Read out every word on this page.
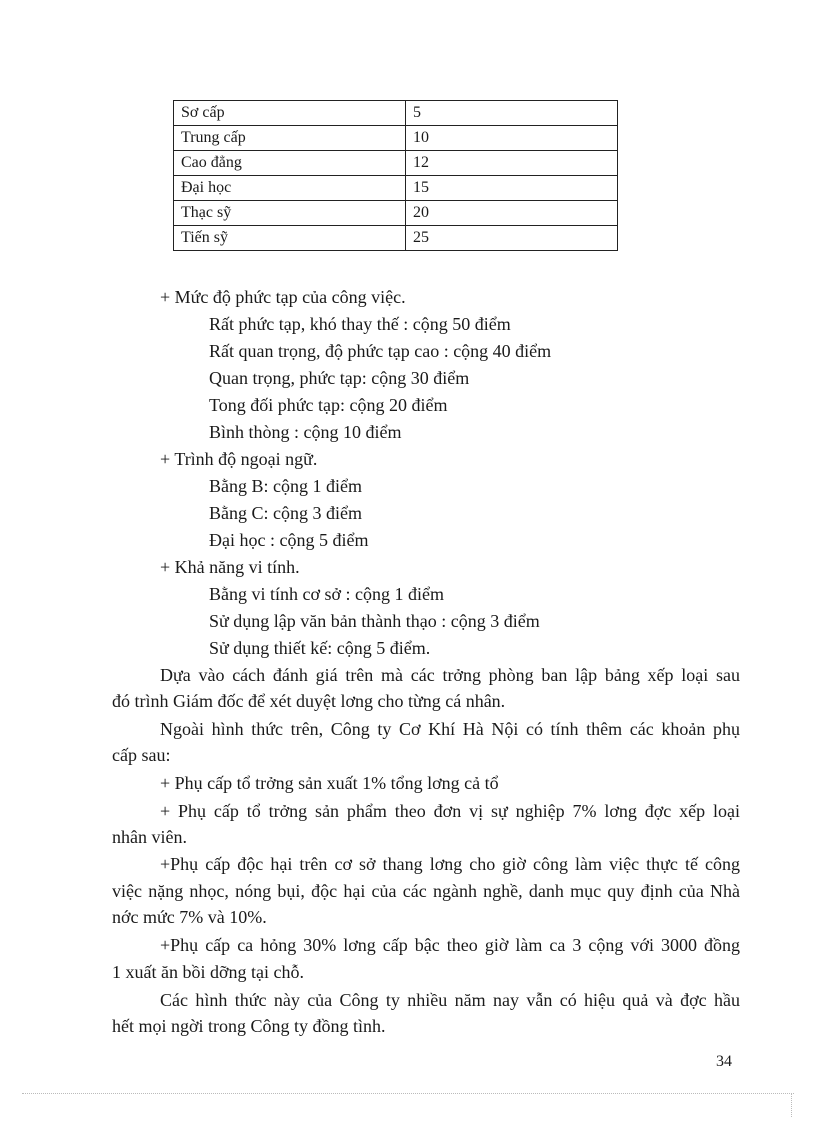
Sơ cấp	5
Trung cấp	10
Cao đẳng	12
Đại học	15
Thạc sỹ	20
Tiến sỹ	25
+ Mức độ phức tạp của công việc.
Rất phức tạp, khó thay thế : cộng 50 điểm
Rất quan trọng, độ phức tạp cao : cộng 40 điểm
Quan trọng, phức tạp: cộng 30 điểm
Tong đối phức tạp: cộng 20 điểm
Bình thòng : cộng 10 điểm
+ Trình độ ngoại ngữ.
Bằng B: cộng 1 điểm
Bằng C: cộng 3 điểm
Đại học : cộng 5 điểm
+ Khả năng vi tính.
Bằng vi tính cơ sở : cộng 1 điểm
Sử dụng lập văn bản thành thạo : cộng 3 điểm
Sử dụng thiết kế: cộng 5 điểm.
Dựa vào cách đánh giá trên mà các trởng phòng ban lập bảng xếp loại sau
đó trình Giám đốc để xét duyệt lơng cho từng cá nhân.
Ngoài hình thức trên, Công ty Cơ Khí Hà Nội có tính thêm các khoản phụ
cấp sau:
+ Phụ cấp tổ trởng sản xuất 1% tổng lơng cả tổ
+ Phụ cấp tổ trởng sản phẩm theo đơn vị sự nghiệp 7% lơng đợc xếp loại
nhân viên.
+Phụ cấp độc hại trên cơ sở thang lơng cho giờ công làm việc thực tế công
việc nặng nhọc, nóng bụi, độc hại của các ngành nghề, danh mục quy định của Nhà
nớc mức 7% và 10%.
+Phụ cấp ca hỏng 30% lơng cấp bậc theo giờ làm ca 3 cộng với 3000 đồng
1 xuất ăn bồi dỡng tại chỗ.
Các hình thức này của Công ty nhiều năm nay vẫn có hiệu quả và đợc hầu
hết mọi ngời trong Công ty đồng tình.
34
